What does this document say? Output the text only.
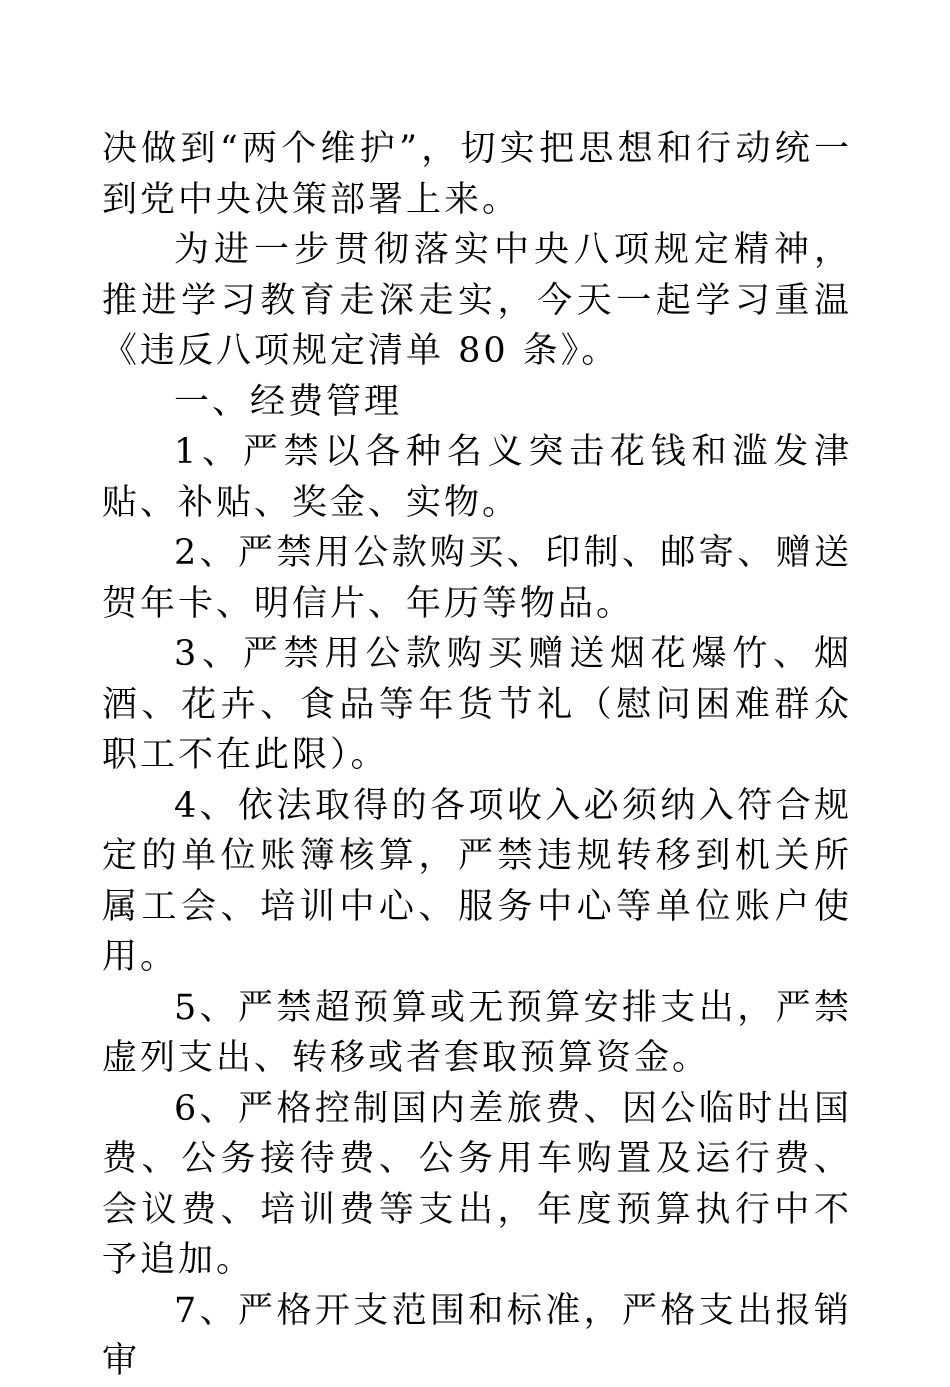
决做到“两个维护”，切实把思想和行动统一到党中央决策部署上来。

为进一步贯彻落实中央八项规定精神，推进学习教育走深走实，今天一起学习重温《违反八项规定清单 80 条》。

一、经费管理

1、严禁以各种名义突击花钱和滥发津贴、补贴、奖金、实物。

2、严禁用公款购买、印制、邮寄、赠送贺年卡、明信片、年历等物品。

3、严禁用公款购买赠送烟花爆竹、烟酒、花卉、食品等年货节礼（慰问困难群众职工不在此限）。

4、依法取得的各项收入必须纳入符合规定的单位账簿核算，严禁违规转移到机关所属工会、培训中心、服务中心等单位账户使用。

5、严禁超预算或无预算安排支出，严禁虚列支出、转移或者套取预算资金。

6、严格控制国内差旅费、因公临时出国费、公务接待费、公务用车购置及运行费、会议费、培训费等支出，年度预算执行中不予追加。

7、严格开支范围和标准，严格支出报销审
